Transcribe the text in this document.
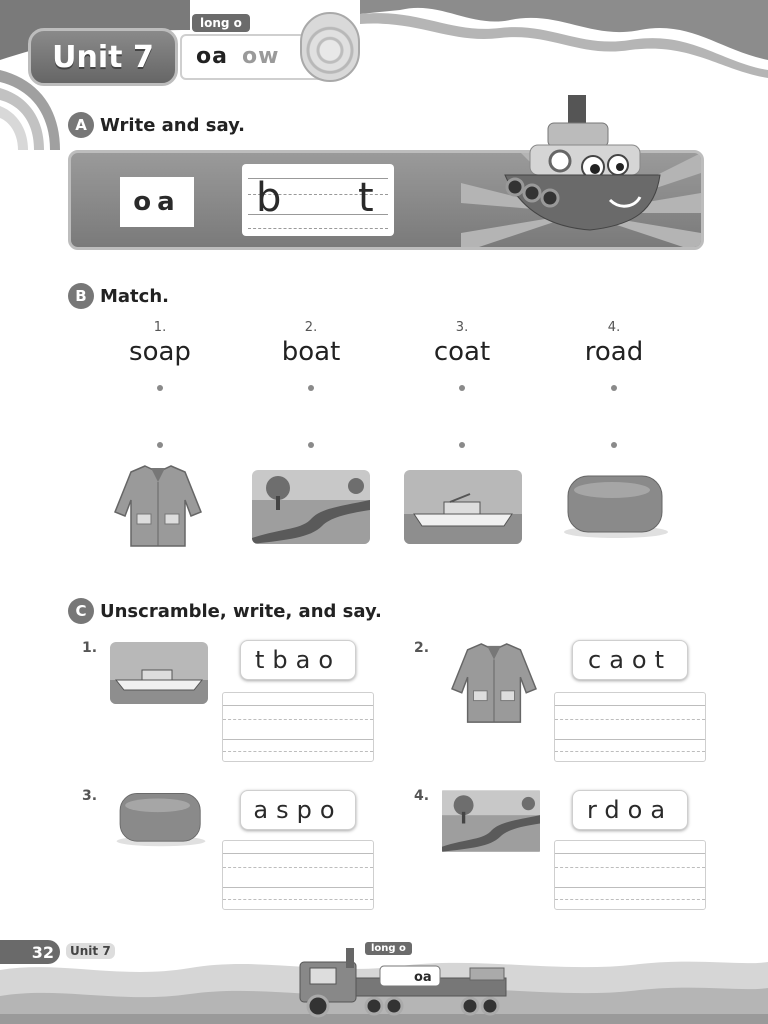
Unit 7
long o
oa ow
A Write and say.
oa	b t
B Match.
1.
soap
2.
boat
3.
coat
4.
road
C Unscramble, write, and say.
1.	tbao	2.	caot
3.	aspo	4.	rdoa
32	Unit 7	long o
oa
